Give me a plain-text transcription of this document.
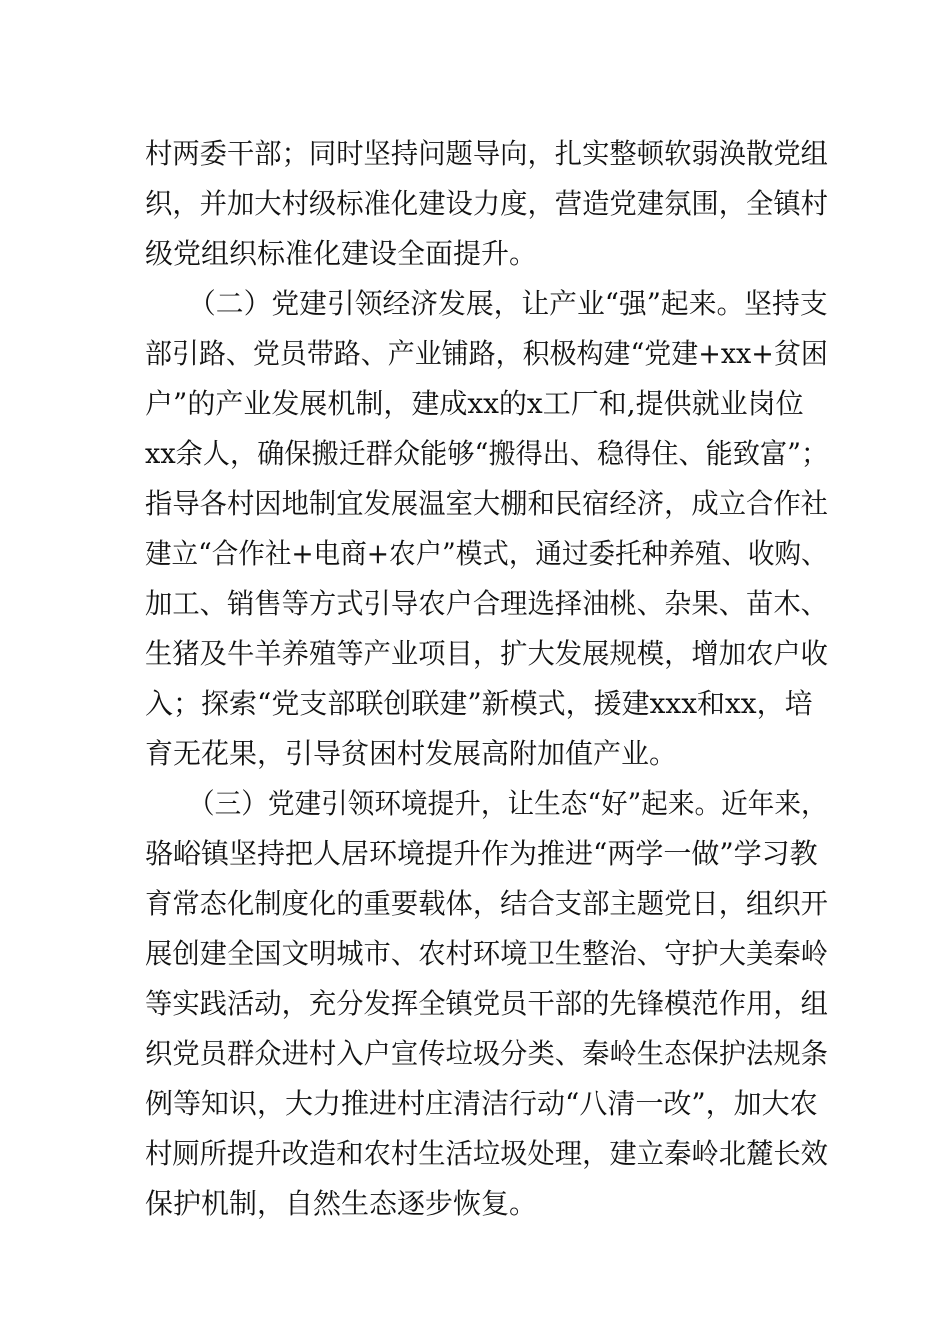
村两委干部；同时坚持问题导向，扎实整顿软弱涣散党组
织，并加大村级标准化建设力度，营造党建氛围，全镇村
级党组织标准化建设全面提升。
（二）党建引领经济发展，让产业“强”起来。坚持支
部引路、党员带路、产业铺路，积极构建“党建+xx+贫困
户”的产业发展机制，建成xx的x工厂和,提供就业岗位
xx余人，确保搬迁群众能够“搬得出、稳得住、能致富”；
指导各村因地制宜发展温室大棚和民宿经济，成立合作社
建立“合作社+电商+农户”模式，通过委托种养殖、收购、
加工、销售等方式引导农户合理选择油桃、杂果、苗木、
生猪及牛羊养殖等产业项目，扩大发展规模，增加农户收
入；探索“党支部联创联建”新模式，援建xxx和xx，培
育无花果，引导贫困村发展高附加值产业。
（三）党建引领环境提升，让生态“好”起来。近年来，
骆峪镇坚持把人居环境提升作为推进“两学一做”学习教
育常态化制度化的重要载体，结合支部主题党日，组织开
展创建全国文明城市、农村环境卫生整治、守护大美秦岭
等实践活动，充分发挥全镇党员干部的先锋模范作用，组
织党员群众进村入户宣传垃圾分类、秦岭生态保护法规条
例等知识，大力推进村庄清洁行动“八清一改”，加大农
村厕所提升改造和农村生活垃圾处理，建立秦岭北麓长效
保护机制，自然生态逐步恢复。
